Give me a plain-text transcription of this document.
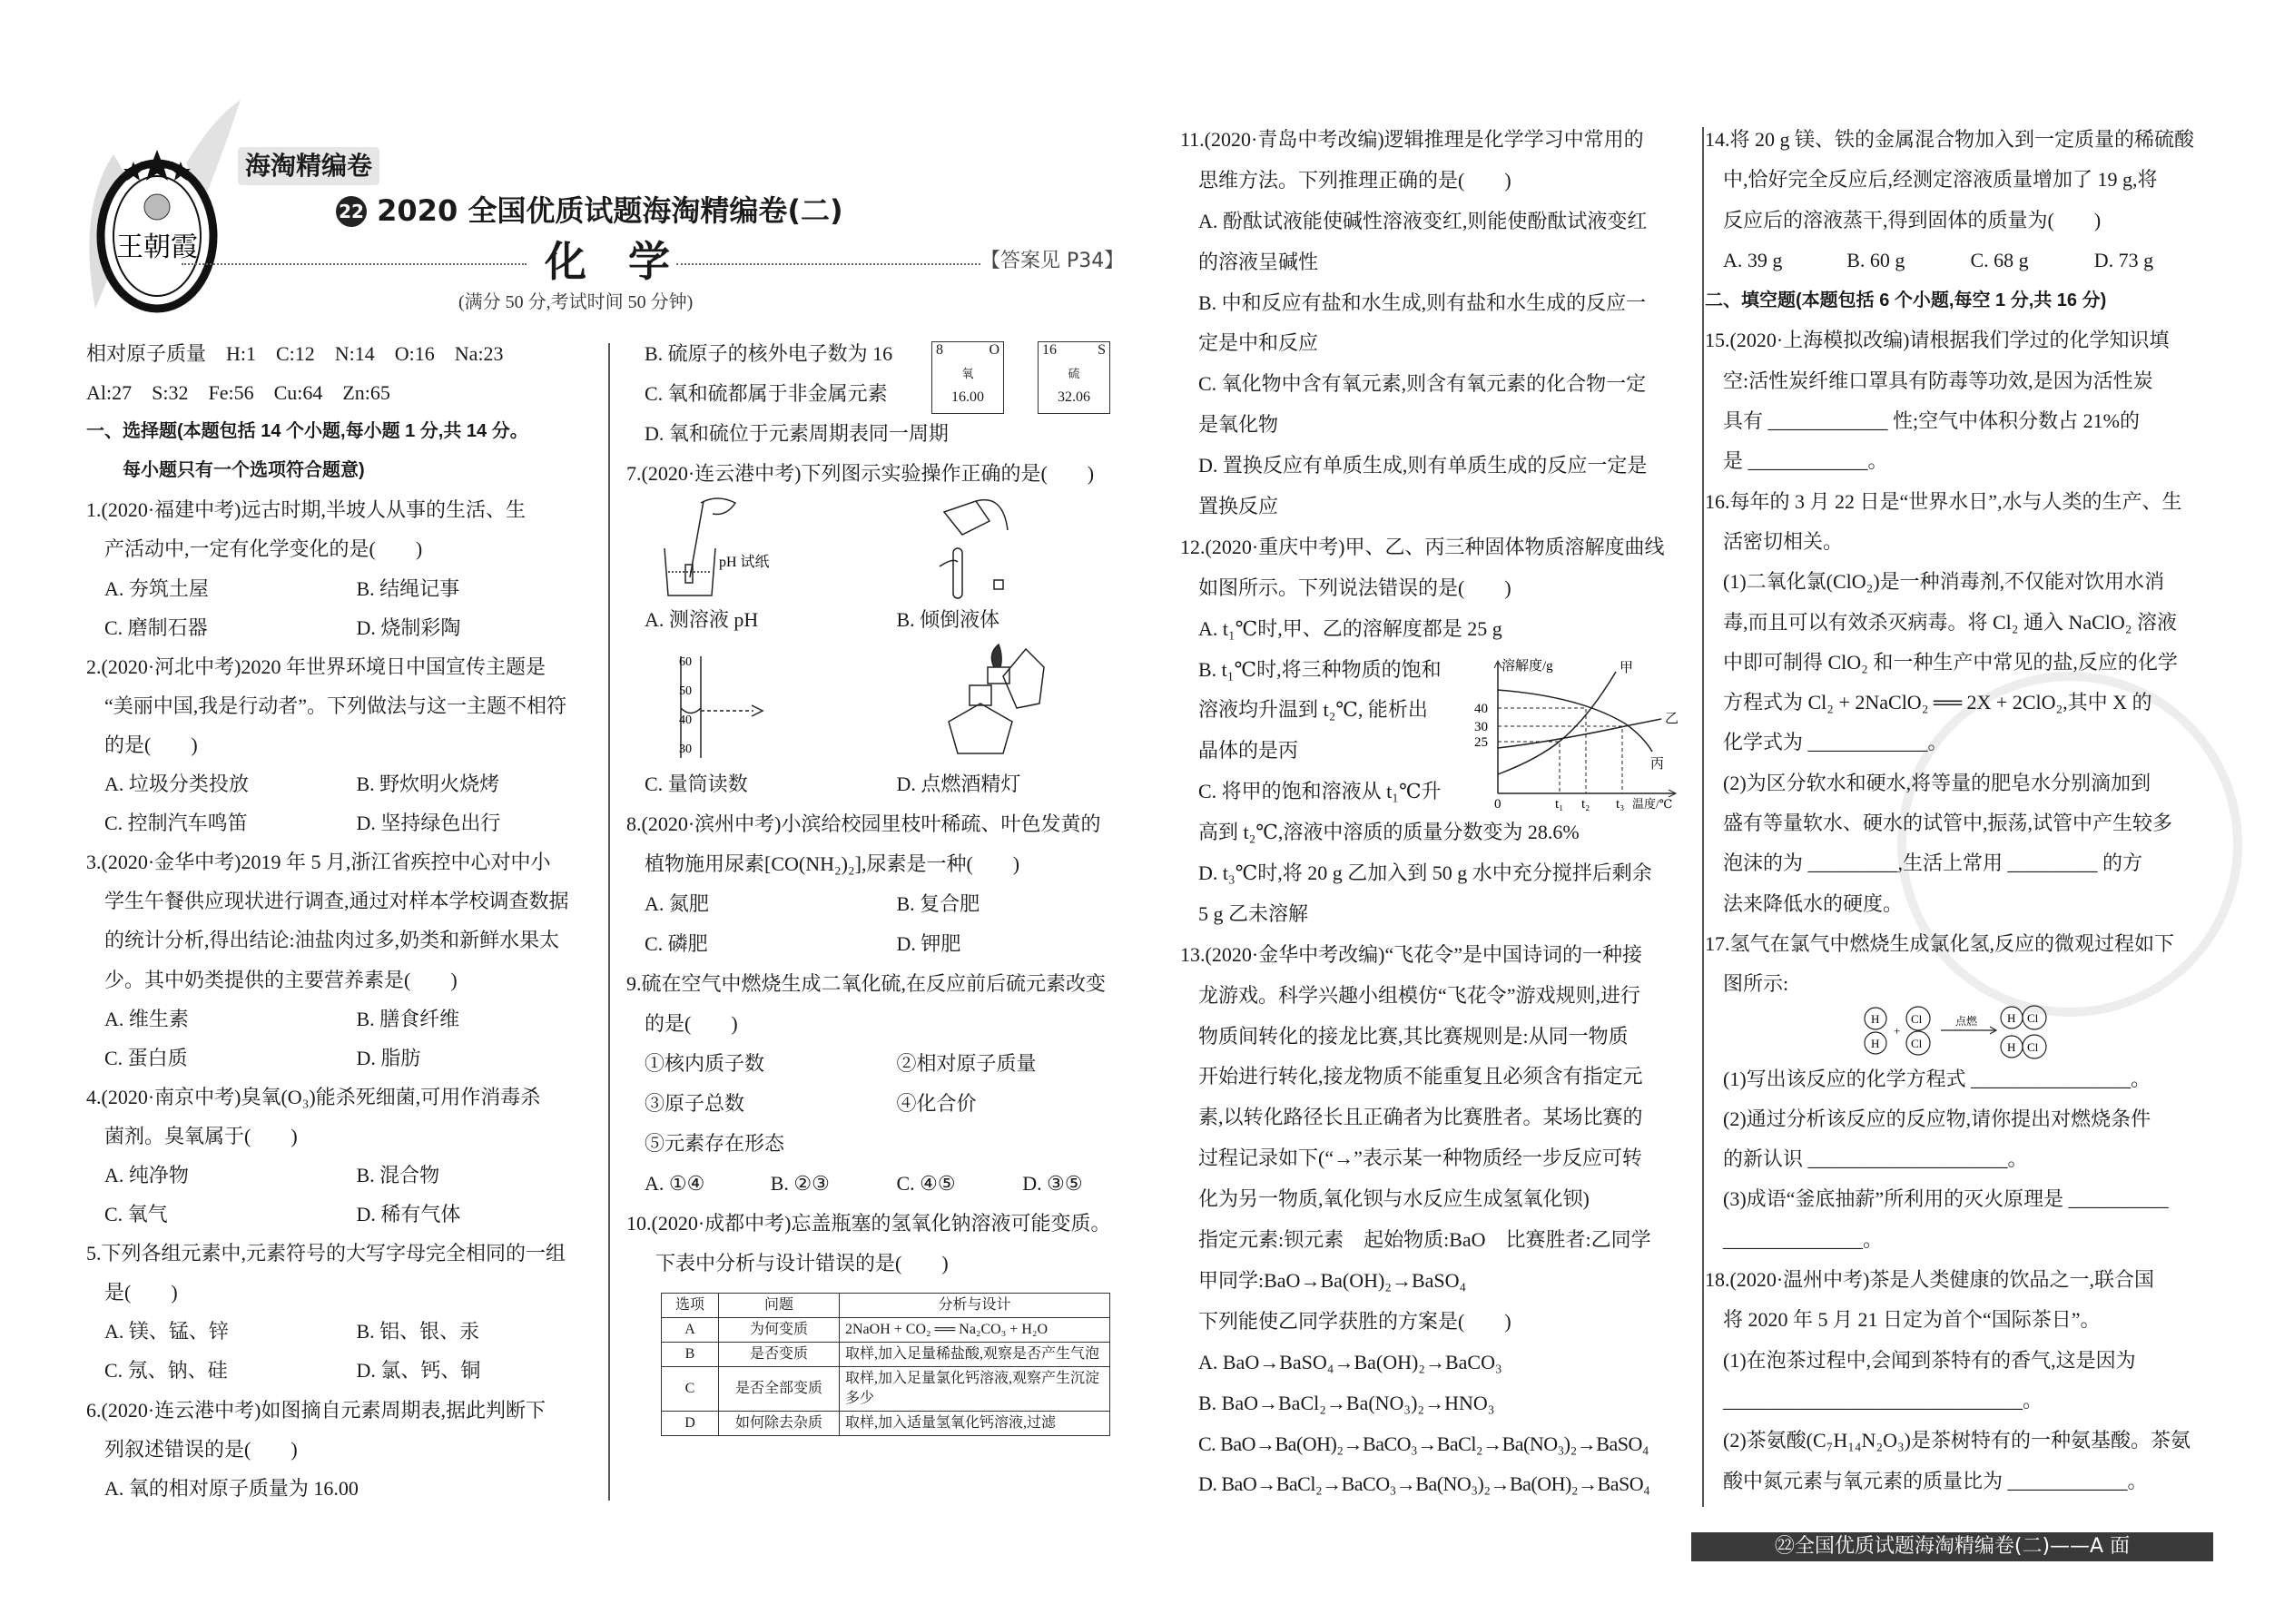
王朝霞
海淘精编卷
22 2020 全国优质试题海淘精编卷(二)
化　学	【答案见 P34】
(满分 50 分,考试时间 50 分钟)
相对原子质量　H:1　C:12　N:14　O:16　Na:23
Al:27　S:32　Fe:56　Cu:64　Zn:65
一、选择题(本题包括 14 个小题,每小题 1 分,共 14 分。
　　每小题只有一个选项符合题意)
1.(2020·福建中考)远古时期,半坡人从事的生活、生
产活动中,一定有化学变化的是(　　)
A. 夯筑土屋	B. 结绳记事
C. 磨制石器	D. 烧制彩陶
2.(2020·河北中考)2020 年世界环境日中国宣传主题是
“美丽中国,我是行动者”。下列做法与这一主题不相符
的是(　　)
A. 垃圾分类投放	B. 野炊明火烧烤
C. 控制汽车鸣笛	D. 坚持绿色出行
3.(2020·金华中考)2019 年 5 月,浙江省疾控中心对中小
学生午餐供应现状进行调查,通过对样本学校调查数据
的统计分析,得出结论:油盐肉过多,奶类和新鲜水果太
少。其中奶类提供的主要营养素是(　　)
A. 维生素	B. 膳食纤维
C. 蛋白质	D. 脂肪
4.(2020·南京中考)臭氧(O₃)能杀死细菌,可用作消毒杀
菌剂。臭氧属于(　　)
A. 纯净物	B. 混合物
C. 氧气	D. 稀有气体
5.下列各组元素中,元素符号的大写字母完全相同的一组
是(　　)
A. 镁、锰、锌	B. 铝、银、汞
C. 氖、钠、硅	D. 氯、钙、铜
6.(2020·连云港中考)如图摘自元素周期表,据此判断下
列叙述错误的是(　　)
A. 氧的相对原子质量为 16.00
B. 硫原子的核外电子数为 16
C. 氧和硫都属于非金属元素
D. 氧和硫位于元素周期表同一周期
7.(2020·连云港中考)下列图示实验操作正确的是(　　)
pH 试纸
A. 测溶液 pH	B. 倾倒液体
60
50
40
30
C. 量筒读数	D. 点燃酒精灯
8.(2020·滨州中考)小滨给校园里枝叶稀疏、叶色发黄的
植物施用尿素[CO(NH₂)₂],尿素是一种(　　)
A. 氮肥	B. 复合肥
C. 磷肥	D. 钾肥
9.硫在空气中燃烧生成二氧化硫,在反应前后硫元素改变
的是(　　)
①核内质子数	②相对原子质量
③原子总数	④化合价
⑤元素存在形态
A. ①④	B. ②③	C. ④⑤	D. ③⑤
10.(2020·成都中考)忘盖瓶塞的氢氧化钠溶液可能变质。
下表中分析与设计错误的是(　　)
选项	问题	分析与设计
A	为何变质	2NaOH + CO₂ ══ Na₂CO₃ + H₂O
B	是否变质	取样,加入足量稀盐酸,观察是否产生气泡
C	是否全部变质	取样,加入足量氯化钙溶液,观察产生沉淀多少
D	如何除去杂质	取样,加入适量氢氧化钙溶液,过滤
溶解度/g
40
30
25
0	t₁ t₂ t₃ 温度/℃
甲
乙
丙
11.(2020·青岛中考改编)逻辑推理是化学学习中常用的
思维方法。下列推理正确的是(　　)
A. 酚酞试液能使碱性溶液变红,则能使酚酞试液变红
的溶液呈碱性
B. 中和反应有盐和水生成,则有盐和水生成的反应一
定是中和反应
C. 氧化物中含有氧元素,则含有氧元素的化合物一定
是氧化物
D. 置换反应有单质生成,则有单质生成的反应一定是
置换反应
12.(2020·重庆中考)甲、乙、丙三种固体物质溶解度曲线
如图所示。下列说法错误的是(　　)
A. t₁℃时,甲、乙的溶解度都是 25 g
B. t₁℃时,将三种物质的饱和
溶液均升温到 t₂℃, 能析出
晶体的是丙
C. 将甲的饱和溶液从 t₁℃升
高到 t₂℃,溶液中溶质的质量分数变为 28.6%
D. t₃℃时,将 20 g 乙加入到 50 g 水中充分搅拌后剩余
5 g 乙未溶解
13.(2020·金华中考改编)“飞花令”是中国诗词的一种接
龙游戏。科学兴趣小组模仿“飞花令”游戏规则,进行
物质间转化的接龙比赛,其比赛规则是:从同一物质
开始进行转化,接龙物质不能重复且必须含有指定元
素,以转化路径长且正确者为比赛胜者。某场比赛的
过程记录如下(“→”表示某一种物质经一步反应可转
化为另一物质,氧化钡与水反应生成氢氧化钡)
指定元素:钡元素　起始物质:BaO　比赛胜者:乙同学
甲同学:BaO→Ba(OH)₂→BaSO₄
下列能使乙同学获胜的方案是(　　)
A. BaO→BaSO₄→Ba(OH)₂→BaCO₃
B. BaO→BaCl₂→Ba(NO₃)₂→HNO₃
C. BaO→Ba(OH)₂→BaCO₃→BaCl₂→Ba(NO₃)₂→BaSO₄
D. BaO→BaCl₂→BaCO₃→Ba(NO₃)₂→Ba(OH)₂→BaSO₄
14.将 20 g 镁、铁的金属混合物加入到一定质量的稀硫酸
中,恰好完全反应后,经测定溶液质量增加了 19 g,将
反应后的溶液蒸干,得到固体的质量为(　　)
A. 39 g	B. 60 g	C. 68 g	D. 73 g
二、填空题(本题包括 6 个小题,每空 1 分,共 16 分)
15.(2020·上海模拟改编)请根据我们学过的化学知识填
空:活性炭纤维口罩具有防毒等功效,是因为活性炭
具有 ____________ 性;空气中体积分数占 21%的
是 ____________。
16.每年的 3 月 22 日是“世界水日”,水与人类的生产、生
活密切相关。
(1)二氧化氯(ClO₂)是一种消毒剂,不仅能对饮用水消
毒,而且可以有效杀灭病毒。将 Cl₂ 通入 NaClO₂ 溶液
中即可制得 ClO₂ 和一种生产中常见的盐,反应的化学
方程式为 Cl₂ + 2NaClO₂ ══ 2X + 2ClO₂,其中 X 的
化学式为 ____________。
(2)为区分软水和硬水,将等量的肥皂水分别滴加到
盛有等量软水、硬水的试管中,振荡,试管中产生较多
泡沫的为 _________,生活上常用 _________ 的方
法来降低水的硬度。
17.氢气在氯气中燃烧生成氯化氢,反应的微观过程如下
图所示:
H
H
+
Cl
Cl
点燃	H Cl
H Cl
(1)写出该反应的化学方程式 ________________。
(2)通过分析该反应的反应物,请你提出对燃烧条件
的新认识 ____________________。
(3)成语“釜底抽薪”所利用的灭火原理是 __________
______________。
18.(2020·温州中考)茶是人类健康的饮品之一,联合国
将 2020 年 5 月 21 日定为首个“国际茶日”。
(1)在泡茶过程中,会闻到茶特有的香气,这是因为
______________________________。
(2)茶氨酸(C₇H₁₄N₂O₃)是茶树特有的一种氨基酸。茶氨
酸中氮元素与氧元素的质量比为 ____________。
8	O
氧
16.00
16	S
硫
32.06
㉒全国优质试题海淘精编卷(二)——A 面
